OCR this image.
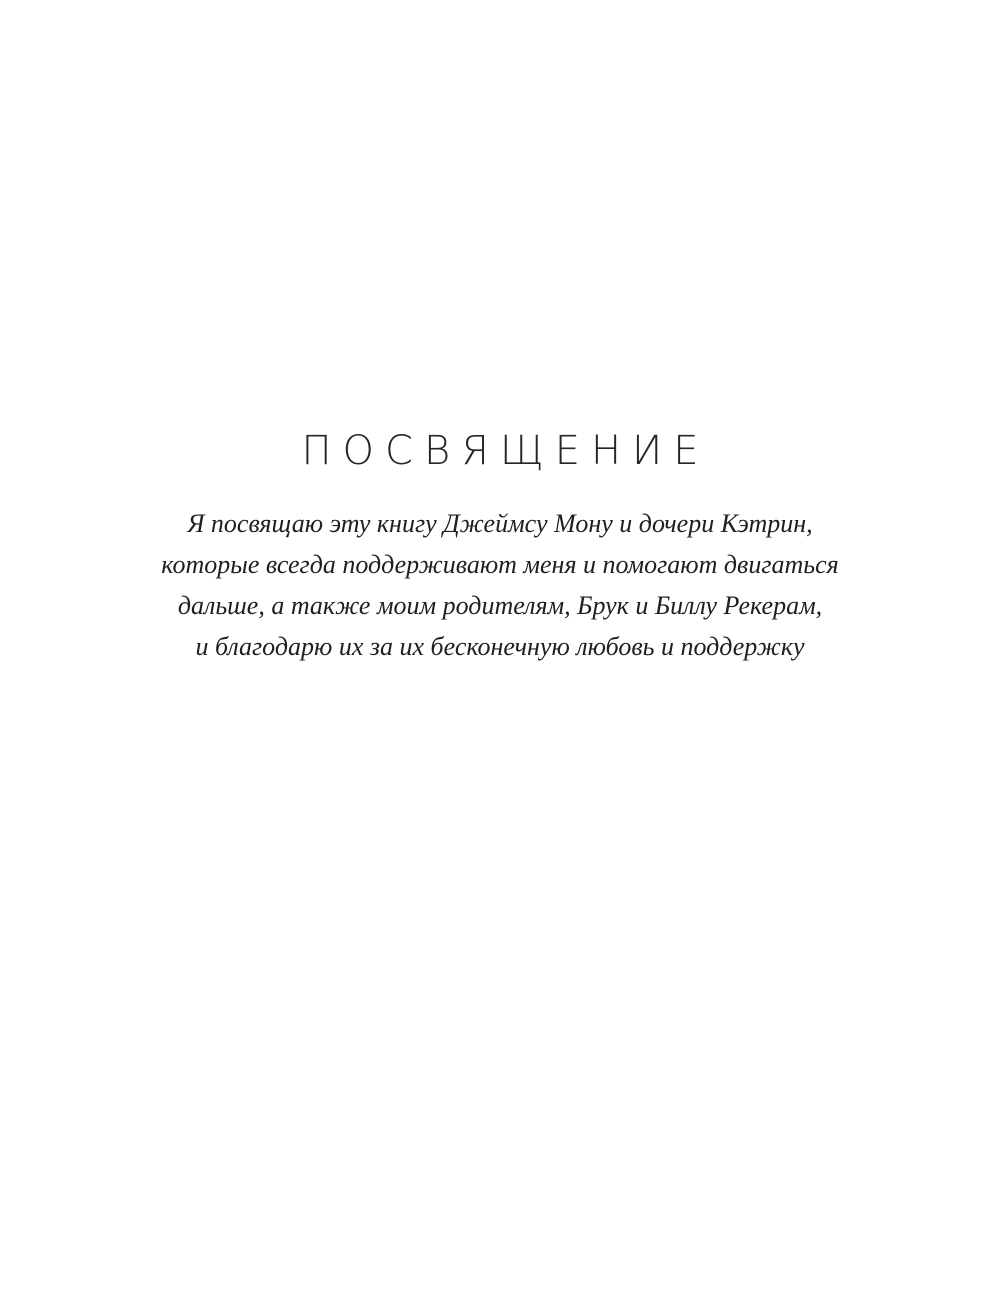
ПОСВЯЩЕНИЕ
Я посвящаю эту книгу Джеймсу Мону и дочери Кэтрин,
которые всегда поддерживают меня и помогают двигаться
дальше, а также моим родителям, Брук и Биллу Рекерам,
и благодарю их за их бесконечную любовь и поддержку
